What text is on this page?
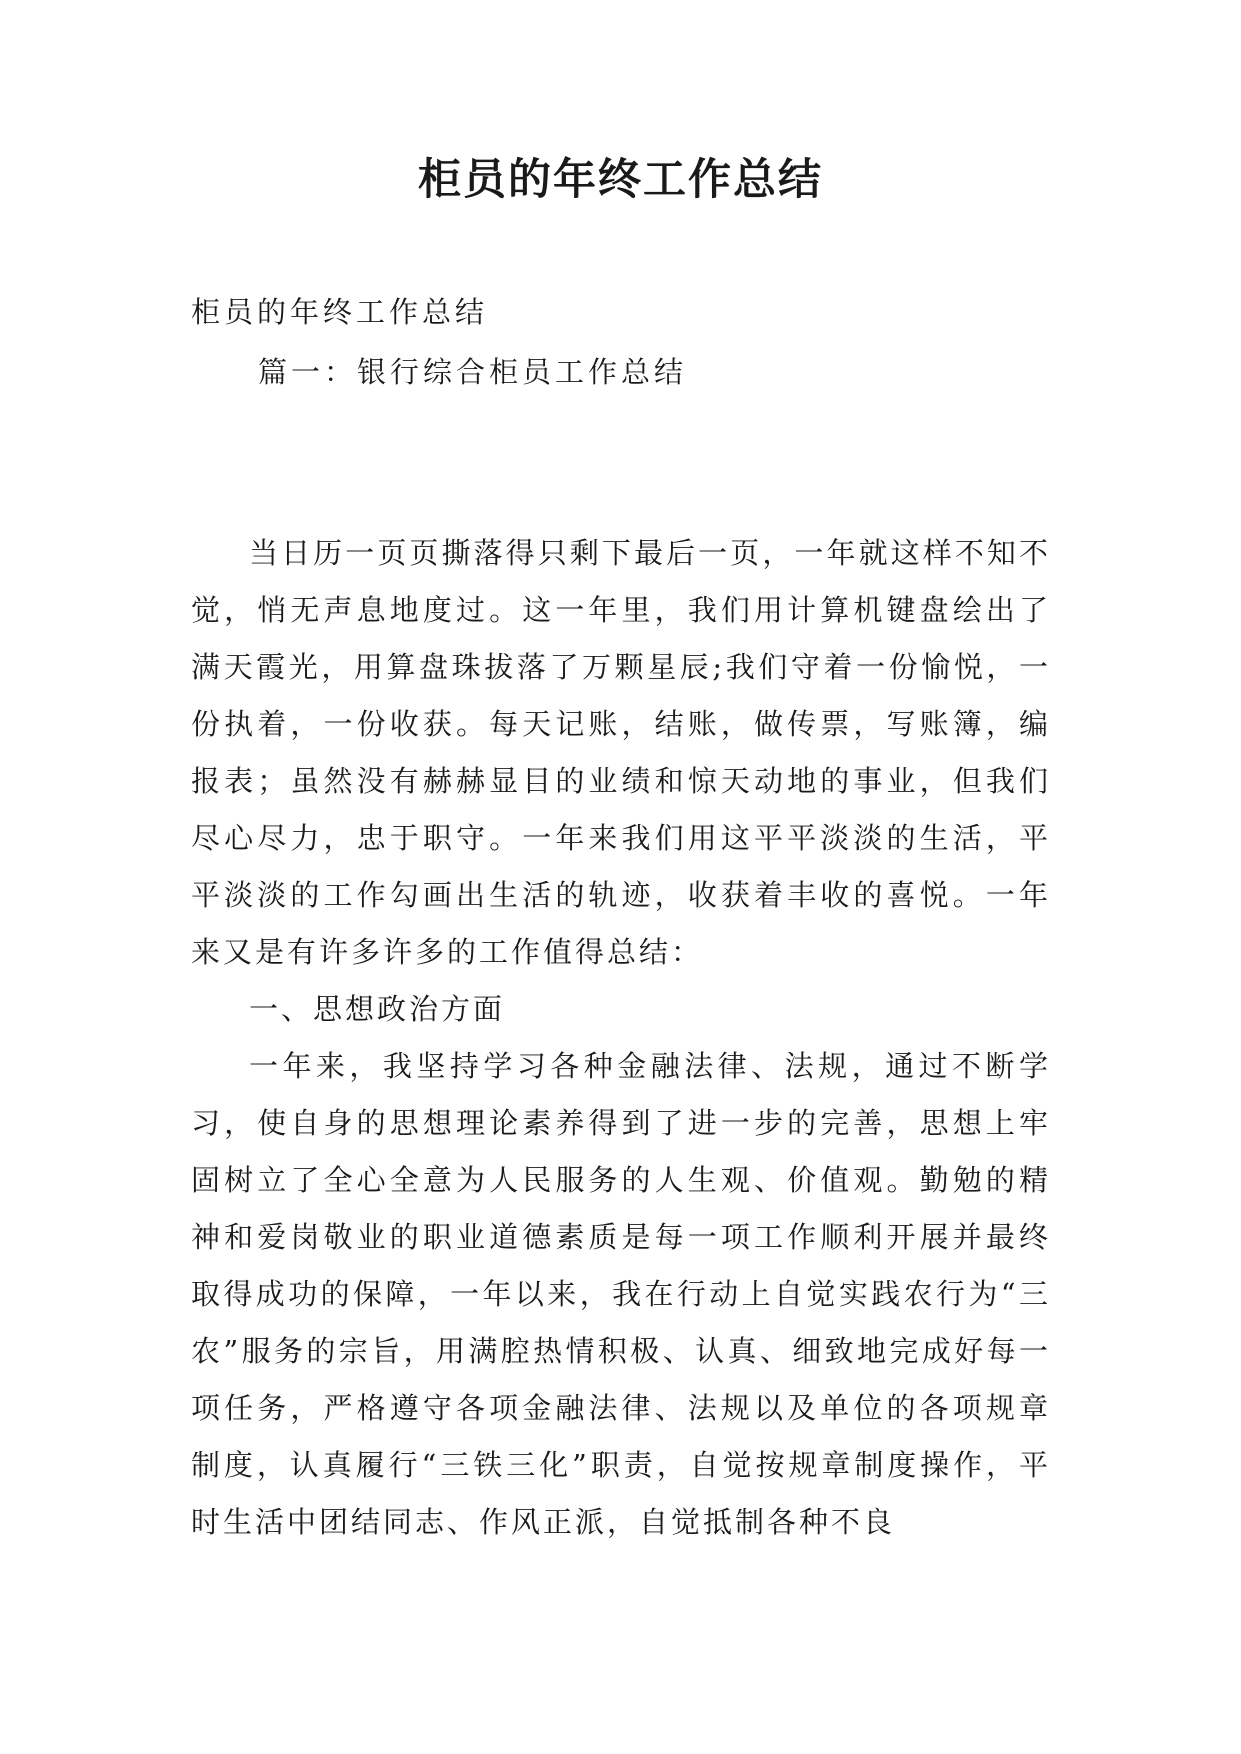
柜员的年终工作总结

柜员的年终工作总结

篇一：银行综合柜员工作总结

当日历一页页撕落得只剩下最后一页，一年就这样不知不觉，悄无声息地度过。这一年里，我们用计算机键盘绘出了满天霞光，用算盘珠拔落了万颗星辰;我们守着一份愉悦，一份执着，一份收获。每天记账，结账，做传票，写账簿，编报表；虽然没有赫赫显目的业绩和惊天动地的事业，但我们尽心尽力，忠于职守。一年来我们用这平平淡淡的生活，平平淡淡的工作勾画出生活的轨迹，收获着丰收的喜悦。一年来又是有许多许多的工作值得总结：

一、思想政治方面

一年来，我坚持学习各种金融法律、法规，通过不断学习，使自身的思想理论素养得到了进一步的完善，思想上牢固树立了全心全意为人民服务的人生观、价值观。勤勉的精神和爱岗敬业的职业道德素质是每一项工作顺利开展并最终取得成功的保障，一年以来，我在行动上自觉实践农行为“三农”服务的宗旨，用满腔热情积极、认真、细致地完成好每一项任务，严格遵守各项金融法律、法规以及单位的各项规章制度，认真履行“三铁三化”职责，自觉按规章制度操作，平时生活中团结同志、作风正派，自觉抵制各种不良
